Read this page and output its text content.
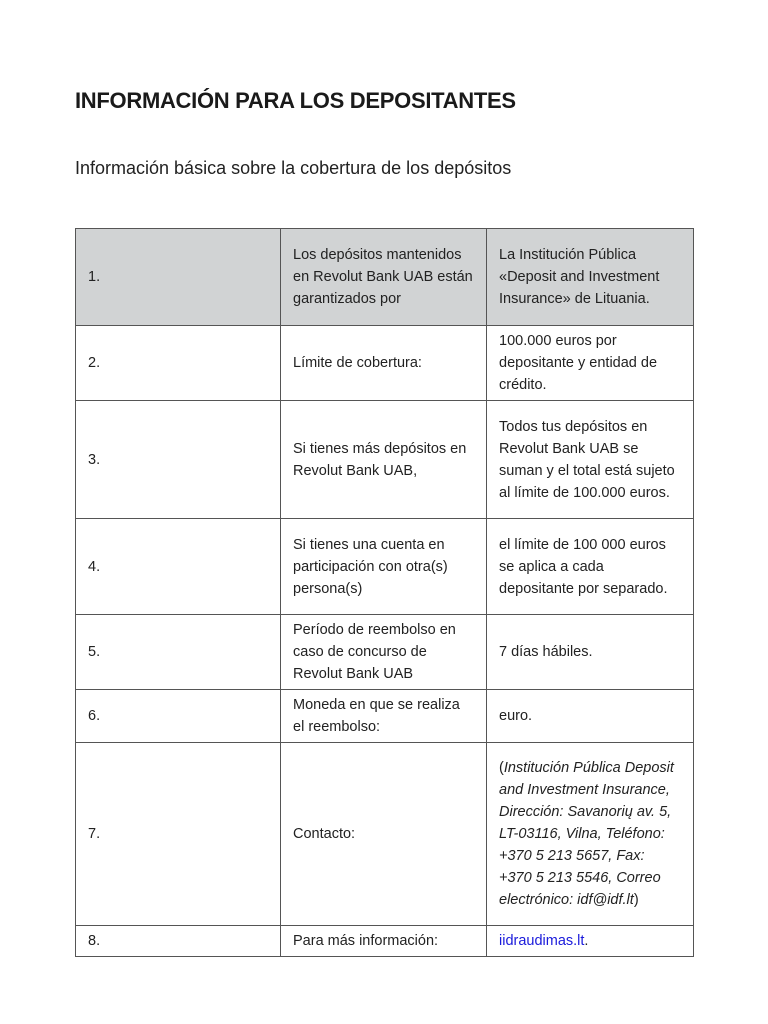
INFORMACIÓN PARA LOS DEPOSITANTES
Información básica sobre la cobertura de los depósitos
1.	Los depósitos mantenidos en Revolut Bank UAB están garantizados por	La Institución Pública «Deposit and Investment Insurance» de Lituania.
2.	Límite de cobertura:	100.000 euros por depositante y entidad de crédito.
3.	Si tienes más depósitos en Revolut Bank UAB,	Todos tus depósitos en Revolut Bank UAB se suman y el total está sujeto al límite de 100.000 euros.
4.	Si tienes una cuenta en participación con otra(s) persona(s)	el límite de 100 000 euros se aplica a cada depositante por separado.
5.	Período de reembolso en caso de concurso de Revolut Bank UAB	7 días hábiles.
6.	Moneda en que se realiza el reembolso:	euro.
7.	Contacto:	(Institución Pública Deposit and Investment Insurance, Dirección: Savanorių av. 5, LT-03116, Vilna, Teléfono: +370 5 213 5657, Fax: +370 5 213 5546, Correo electrónico: idf@idf.lt)
8.	Para más información:	iidraudimas.lt.
